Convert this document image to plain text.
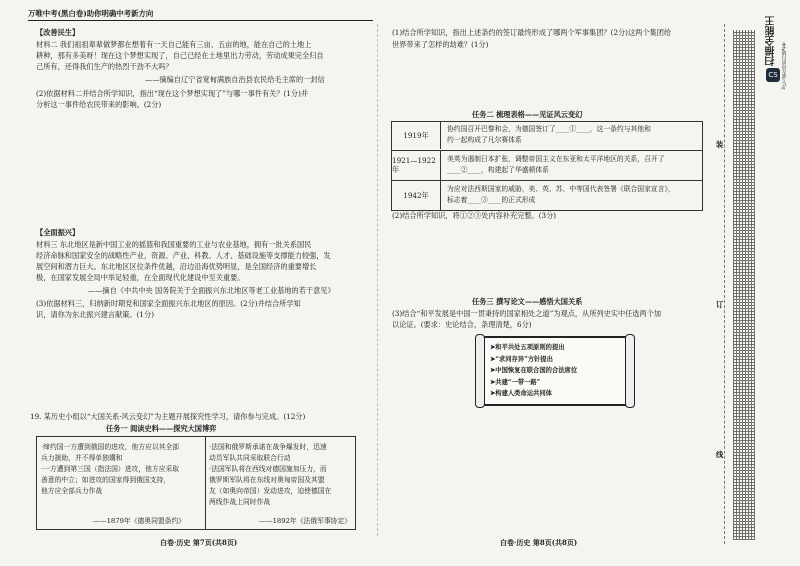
万唯中考(黑白卷)助你明确中考新方向
【改善民生】
材料二 我们祖祖辈辈做梦都在想着有一天自己能有三亩、五亩的地，能在自己的土地上
耕种，那有多美呀！现在这个梦想实现了，自己已经在土地里出力劳动，劳动成果完全归自
己所有，还得我们生产的热烈干劲不大吗？
——摘编自辽宁省宽甸满族自治县农民给毛主席的一封信
(2)依据材料二并结合所学知识，指出“现在这个梦想实现了”与哪一事件有关？(1分)并
分析这一事件给农民带来的影响。(2分)
【全面振兴】
材料三 东北地区是新中国工业的摇篮和我国重要的工业与农业基地，拥有一批关系国民
经济命脉和国家安全的战略性产业，资源、产业、科教、人才、基础设施等支撑能力较强，发
展空间和潜力巨大。东北地区区位条件优越，沿边沿海优势明显，是全国经济的重要增长
极，在国家发展全局中举足轻重，在全面现代化建设中至关重要。
——摘自《中共中央 国务院关于全面振兴东北地区等老工业基地的若干意见》
(3)依据材料三，归纳新时期党和国家全面振兴东北地区的原因。(2分)并结合所学知
识，请你为东北振兴建言献策。(1分)
19. 某历史小组以“大国关系·风云变幻”为主题开展探究性学习，请你参与完成。(12分)
任务一 阅读史料——探究大国博弈
·缔约国一方遭到俄国的进攻，他方应以其全部
兵力援助，并不得单独媾和
·一方遭到第三国（指法国）进攻，他方应采取
善意的中立；如进攻的国家得到俄国支持，
他方应全部兵力作战
——1879年《德奥同盟条约》
·法国和俄罗斯承诺在战争爆发时，迅速
动员军队共同采取联合行动
·法国军队将在西线对德国施加压力，而
俄罗斯军队将在东线对奥匈帝国及其盟
友（如奥向帝国）发动进攻，迫使德国在
两线作战上同时作战
——1892年《法俄军事协定》
白卷·历史 第7页(共8页)
(1)结合所学知识，指出上述条约的签订最终形成了哪两个军事集团？(2分)这两个集团给
世界带来了怎样的劫难？(1分)
任务二 梳理表格——见证风云变幻
1919年
协约国召开巴黎和会，为德国签订了____①____，这一条约与其他和
约一起构成了凡尔赛体系
1921—1922年
美英为遏制日本扩张，调整帝国主义在东亚和太平洋地区的关系，召开了
____②____，构建起了华盛顿体系
1942年
为应对法西斯国家的威胁，美、英、苏、中等国代表签署《联合国家宣言》，
标志着____③____的正式形成
(2)结合所学知识，将①②③处内容补充完整。(3分)
任务三 撰写论文——感悟大国关系
(3)结合“和平发展是中国一贯秉持的国家相处之道”为观点，从所列史实中任选两个加
以论证。(要求：史论结合，条理清楚，6分)
➤和平共处五项原则的提出
➤“求同存异”方针提出
➤中国恢复在联合国的合法席位
➤共建“一带一路”
➤构建人类命运共同体
白卷·历史 第8页(共8页)
装
订
线
CS
扫描全能王
3亿人都在用的扫描App
